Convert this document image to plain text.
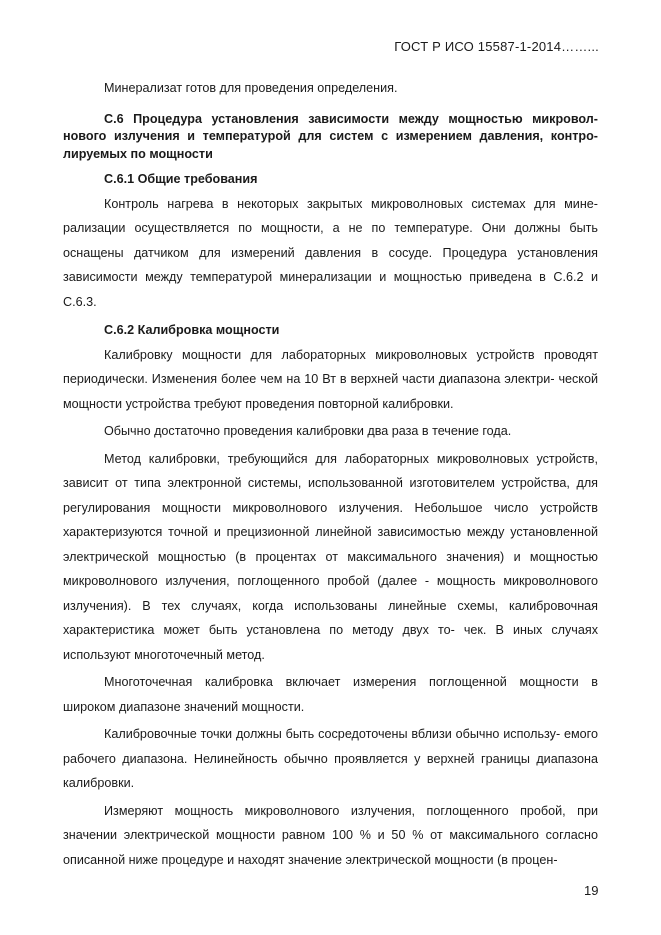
ГОСТ Р ИСО 15587-1-2014……...

Минерализат готов для проведения определения.

С.6 Процедура установления зависимости между мощностью микровол- нового излучения и температурой для систем с измерением давления, контро- лируемых по мощности

С.6.1 Общие требования

Контроль нагрева в некоторых закрытых микроволновых системах для мине- рализации осуществляется по мощности, а не по температуре. Они должны быть оснащены датчиком для измерений давления в сосуде. Процедура установления зависимости между температурой минерализации и мощностью приведена в С.6.2 и С.6.3.

С.6.2 Калибровка мощности

Калибровку мощности для лабораторных микроволновых устройств проводят периодически. Изменения более чем на 10 Вт в верхней части диапазона электри- ческой мощности устройства требуют проведения повторной калибровки.

Обычно достаточно проведения калибровки два раза в течение года.

Метод калибровки, требующийся для лабораторных микроволновых устройств, зависит от типа электронной системы, использованной изготовителем устройства, для регулирования мощности микроволнового излучения. Небольшое число устройств характеризуются точной и прецизионной линейной зависимостью между установленной электрической мощностью (в процентах от максимального значения) и мощностью микроволнового излучения, поглощенного пробой (далее - мощность микроволнового излучения). В тех случаях, когда использованы линейные схемы, калибровочная характеристика может быть установлена по методу двух то- чек. В иных случаях используют многоточечный метод.

Многоточечная калибровка включает измерения поглощенной мощности в широком диапазоне значений мощности.

Калибровочные точки должны быть сосредоточены вблизи обычно использу- емого рабочего диапазона. Нелинейность обычно проявляется у верхней границы диапазона калибровки.

Измеряют мощность микроволнового излучения, поглощенного пробой, при значении электрической мощности равном 100 % и 50 % от максимального согласно описанной ниже процедуре и находят значение электрической мощности (в процен-

19
